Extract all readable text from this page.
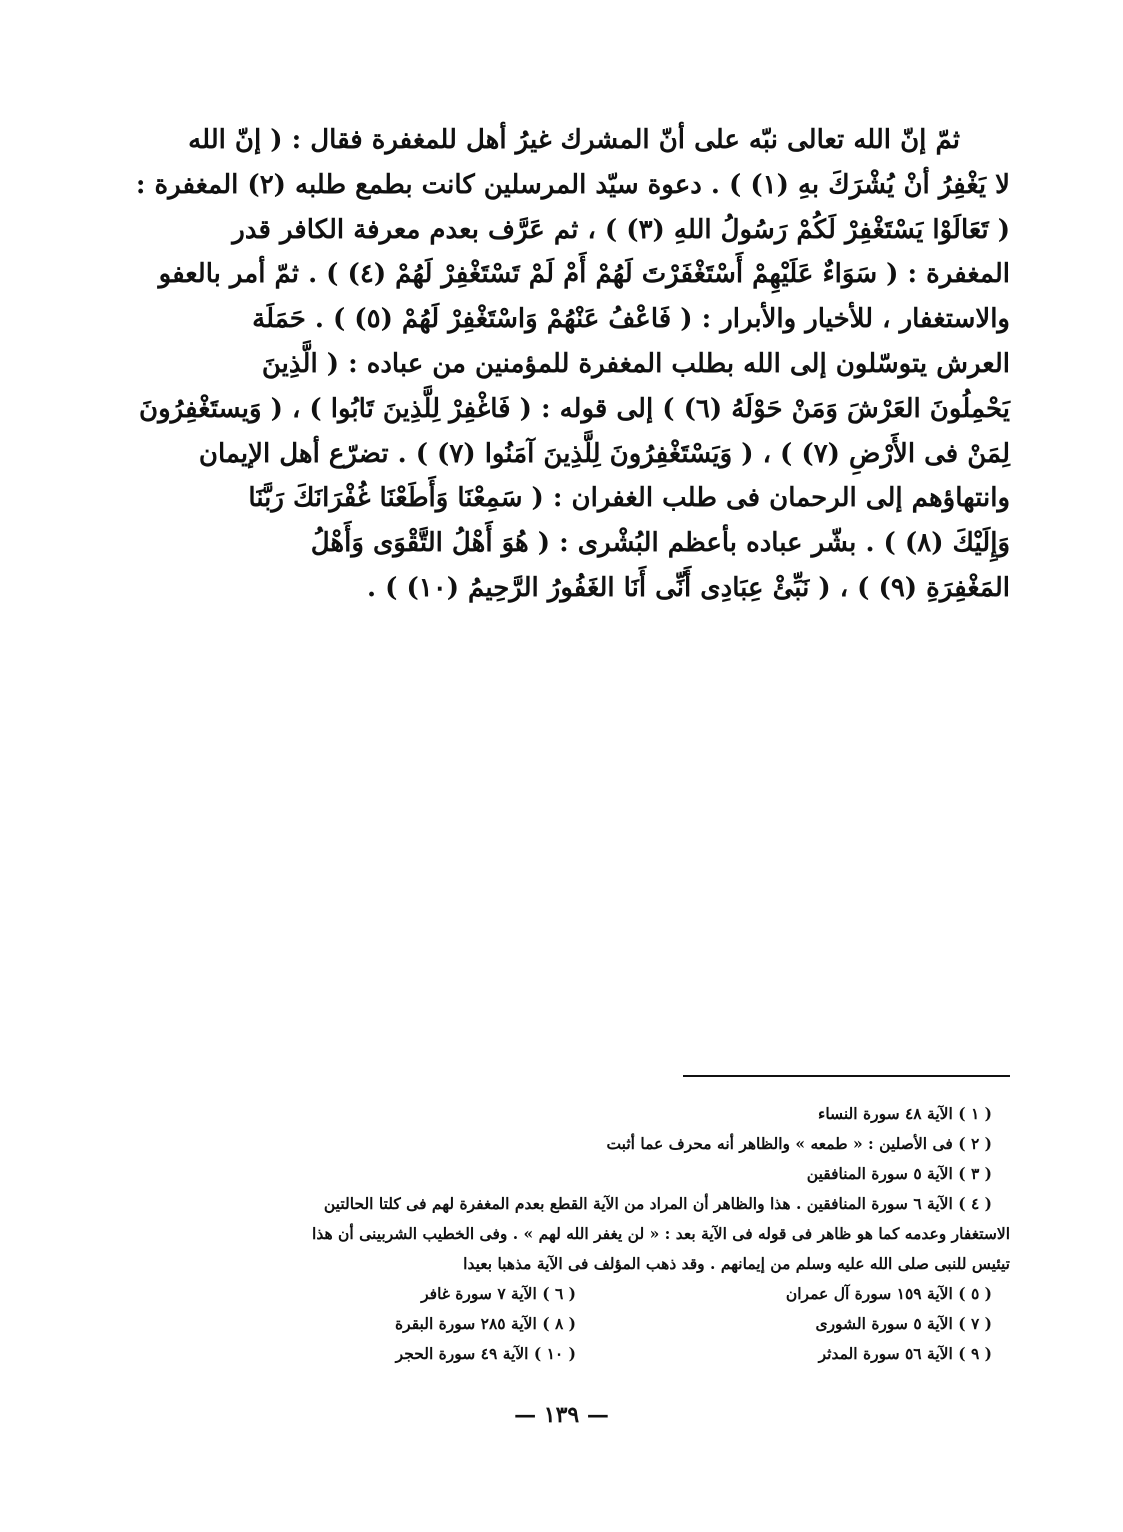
ثمّ إنّ الله تعالى نبّه على أنّ المشرك غيرُ أهل للمغفرة فقال : ( إنّ الله
لا يَغْفِرُ أنْ يُشْرَكَ بهِ (١) ) . دعوة سيّد المرسلين كانت بطمع طلبه (٢) المغفرة :
( تَعَالَوْا يَسْتَغْفِرْ لَكُمْ رَسُولُ اللهِ (٣) ) ، ثم عَرَّف بعدم معرفة الكافر قدر
المغفرة : ( سَوَاءٌ عَلَيْهِمْ أَسْتَغْفَرْتَ لَهُمْ أَمْ لَمْ تَسْتَغْفِرْ لَهُمْ (٤) ) . ثمّ أمر بالعفو
والاستغفار ، للأخيار والأبرار : ( فَاعْفُ عَنْهُمْ وَاسْتَغْفِرْ لَهُمْ (٥) ) . حَمَلَة
العرش يتوسّلون إلى الله بطلب المغفرة للمؤمنين من عباده : ( الَّذِينَ
يَحْمِلُونَ العَرْشَ وَمَنْ حَوْلَهُ (٦) ) إلى قوله : ( فَاغْفِرْ لِلَّذِينَ تَابُوا ) ، ( وَيستَغْفِرُونَ
لِمَنْ فى الأَرْضِ (٧) ) ، ( وَيَسْتَغْفِرُونَ لِلَّذِينَ آمَنُوا (٧) ) . تضرّع أهل الإيمان
وانتهاؤهم إلى الرحمان فى طلب الغفران : ( سَمِعْنَا وَأَطَعْنَا غُفْرَانَكَ رَبَّنَا
وَإِلَيْكَ (٨) ) . بشّر عباده بأعظم البُشْرى : ( هُوَ أَهْلُ التَّقْوَى وَأَهْلُ
المَغْفِرَةِ (٩) ) ، ( نَبِّئْ عِبَادِى أَنِّى أَنَا الغَفُورُ الرَّحِيمُ (١٠) ) .
( ١ ) الآية ٤٨ سورة النساء
( ٢ ) فى الأصلين : « طمعه » والظاهر أنه محرف عما أثبت
( ٣ ) الآية ٥ سورة المنافقين
( ٤ ) الآية ٦ سورة المنافقين . هذا والظاهر أن المراد من الآية القطع بعدم المغفرة لهم فى كلتا الحالتين
الاستغفار وعدمه كما هو ظاهر فى قوله فى الآية بعد : « لن يغفر الله لهم » . وفى الخطيب الشربينى أن هذا
تيئيس للنبى صلى الله عليه وسلم من إيمانهم . وقد ذهب المؤلف فى الآية مذهبا بعيدا
( ٥ ) الآية ١٥٩ سورة آل عمران
( ٦ ) الآية ٧ سورة غافر
( ٧ ) الآية ٥ سورة الشورى
( ٨ ) الآية ٢٨٥ سورة البقرة
( ٩ ) الآية ٥٦ سورة المدثر
( ١٠ ) الآية ٤٩ سورة الحجر
— ١٣٩ —
